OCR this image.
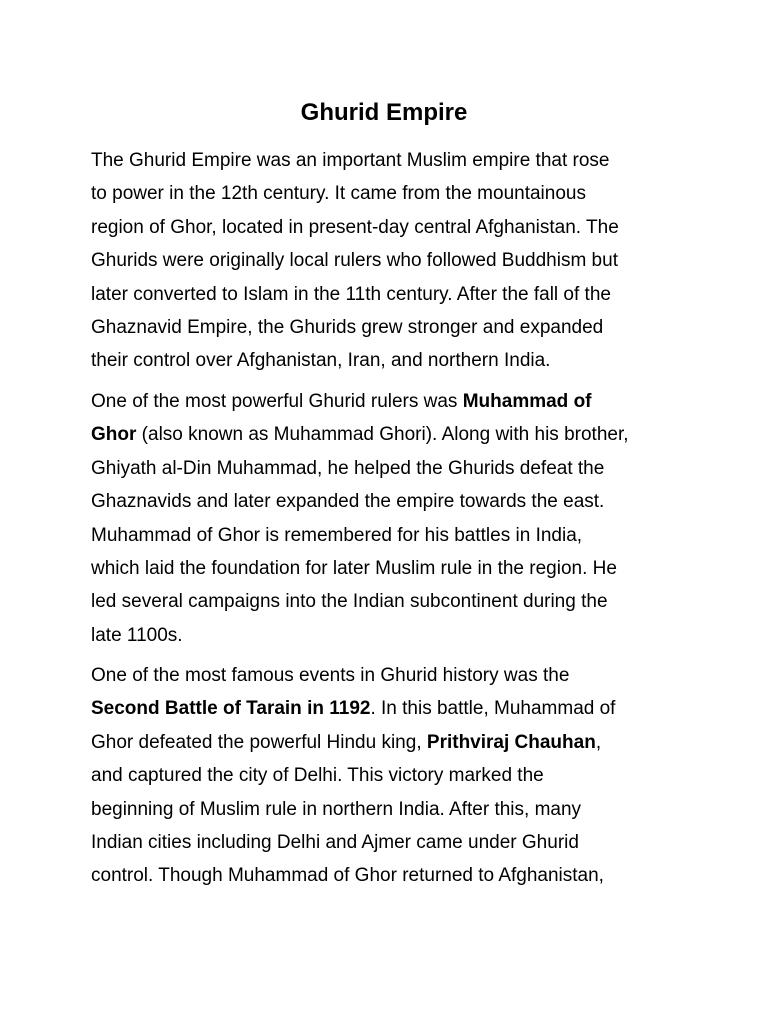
Ghurid Empire

The Ghurid Empire was an important Muslim empire that rose
to power in the 12th century. It came from the mountainous
region of Ghor, located in present-day central Afghanistan. The
Ghurids were originally local rulers who followed Buddhism but
later converted to Islam in the 11th century. After the fall of the
Ghaznavid Empire, the Ghurids grew stronger and expanded
their control over Afghanistan, Iran, and northern India.

One of the most powerful Ghurid rulers was Muhammad of
Ghor (also known as Muhammad Ghori). Along with his brother,
Ghiyath al-Din Muhammad, he helped the Ghurids defeat the
Ghaznavids and later expanded the empire towards the east.
Muhammad of Ghor is remembered for his battles in India,
which laid the foundation for later Muslim rule in the region. He
led several campaigns into the Indian subcontinent during the
late 1100s.

One of the most famous events in Ghurid history was the
Second Battle of Tarain in 1192. In this battle, Muhammad of
Ghor defeated the powerful Hindu king, Prithviraj Chauhan,
and captured the city of Delhi. This victory marked the
beginning of Muslim rule in northern India. After this, many
Indian cities including Delhi and Ajmer came under Ghurid
control. Though Muhammad of Ghor returned to Afghanistan,
